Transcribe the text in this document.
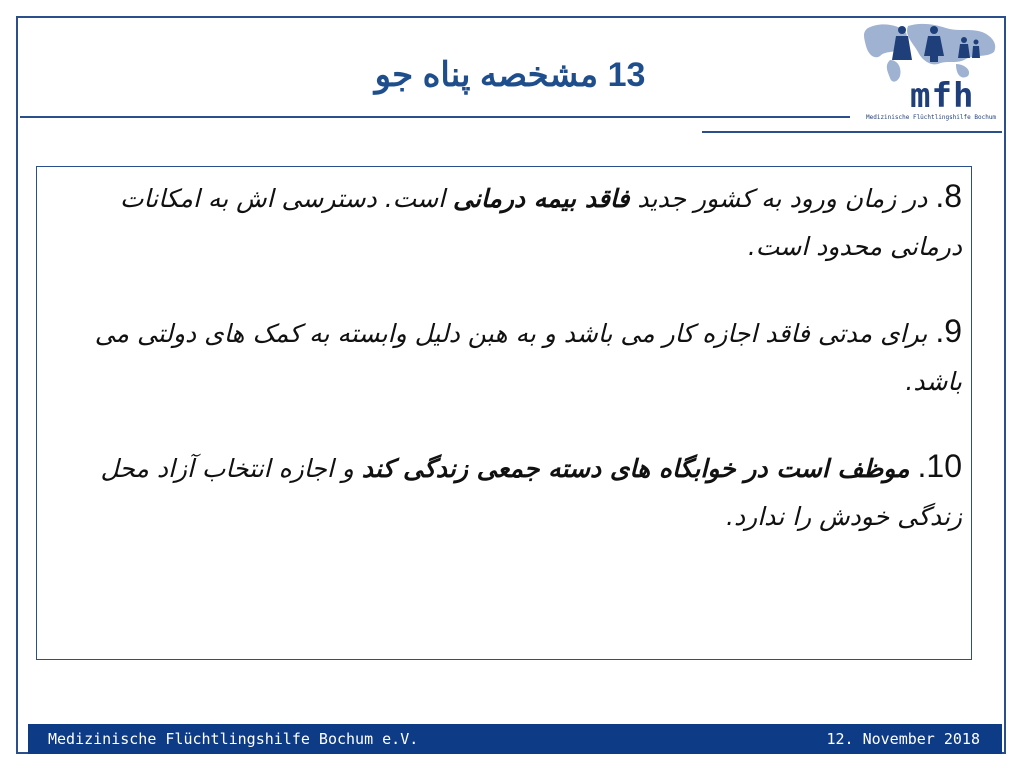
13 مشخصه پناه جو
mfh
Medizinische Flüchtlingshilfe Bochum

8. در زمان ورود به کشور جدید فاقد بیمه درمانی است. دسترسی اش به امکانات درمانی محدود است.

9. برای مدتی فاقد اجازه کار می باشد و به هبن دلیل وابسته به کمک های دولتی می باشد.

10. موظف است در خوابگاه های دسته جمعی زندگی کند و اجازه انتخاب آزاد محل زندگی خودش را ندارد.

Medizinische Flüchtlingshilfe Bochum e.V.	12. November 2018
